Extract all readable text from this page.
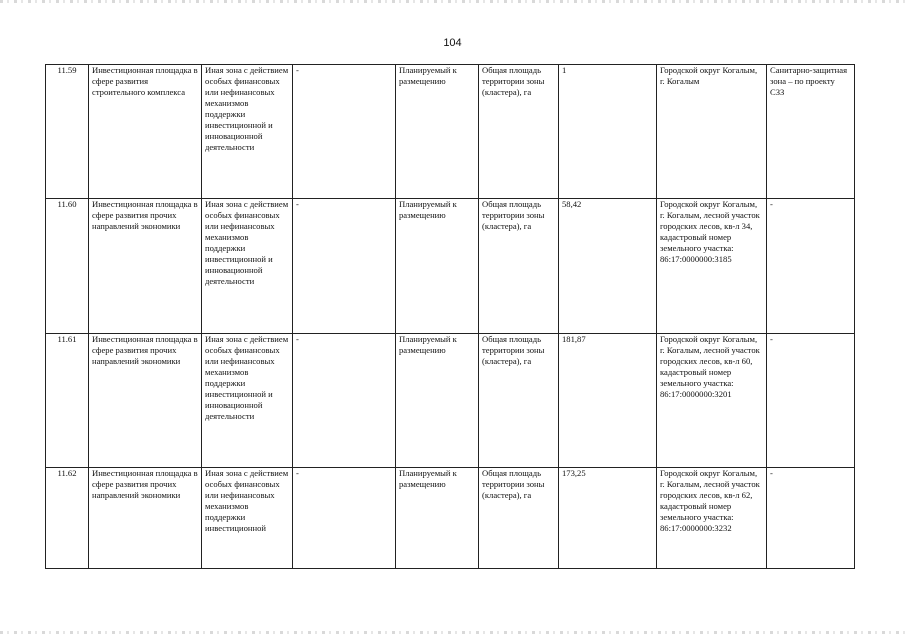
104
11.59	Инвестиционная площадка в сфере развития строительного комплекса	Иная зона с действием особых финансовых или нефинансовых механизмов поддержки инвестиционной и инновационной деятельности	-	Планируемый к размещению	Общая площадь территории зоны (кластера), га	1	Городской округ Когалым, г. Когалым	Санитарно-защитная зона – по проекту СЗЗ

11.60	Инвестиционная площадка в сфере развития прочих направлений экономики	Иная зона с действием особых финансовых или нефинансовых механизмов поддержки инвестиционной и инновационной деятельности	-	Планируемый к размещению	Общая площадь территории зоны (кластера), га	58,42	Городской округ Когалым, г. Когалым, лесной участок городских лесов, кв-л 34, кадастровый номер земельного участка: 86:17:0000000:3185	-

11.61	Инвестиционная площадка в сфере развития прочих направлений экономики	Иная зона с действием особых финансовых или нефинансовых механизмов поддержки инвестиционной и инновационной деятельности	-	Планируемый к размещению	Общая площадь территории зоны (кластера), га	181,87	Городской округ Когалым, г. Когалым, лесной участок городских лесов, кв-л 60, кадастровый номер земельного участка: 86:17:0000000:3201	-

11.62	Инвестиционная площадка в сфере развития прочих направлений экономики	Иная зона с действием особых финансовых или нефинансовых механизмов поддержки инвестиционной	-	Планируемый к размещению	Общая площадь территории зоны (кластера), га	173,25	Городской округ Когалым, г. Когалым, лесной участок городских лесов, кв-л 62, кадастровый номер земельного участка: 86:17:0000000:3232	-
